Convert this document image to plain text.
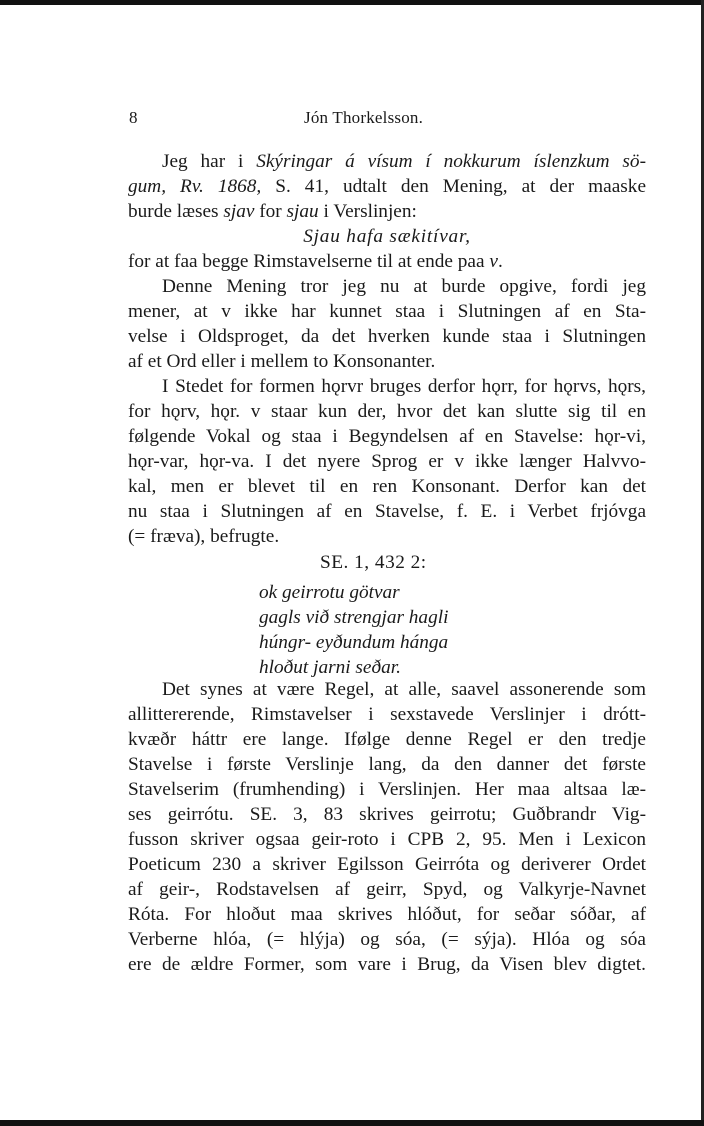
8	Jón Thorkelsson.

Jeg har i Skýringar á vísum í nokkurum íslenzkum sö-

gum, Rv. 1868, S. 41, udtalt den Mening, at der maaske

burde læses sjav for sjau i Verslinjen:

Sjau hafa sækitívar,

for at faa begge Rimstavelserne til at ende paa v.

Denne Mening tror jeg nu at burde opgive, fordi jeg

mener, at v ikke har kunnet staa i Slutningen af en Sta-

velse i Oldsproget, da det hverken kunde staa i Slutningen

af et Ord eller i mellem to Konsonanter.

I Stedet for formen hǫrvr bruges derfor hǫrr, for hǫrvs, hǫrs,

for hǫrv, hǫr. v staar kun der, hvor det kan slutte sig til en

følgende Vokal og staa i Begyndelsen af en Stavelse: hǫr-vi,

hǫr-var, hǫr-va. I det nyere Sprog er v ikke længer Halvvo-

kal, men er blevet til en ren Konsonant. Derfor kan det

nu staa i Slutningen af en Stavelse, f. E. i Verbet frjóvga

(= fræva), befrugte.

SE. 1, 432 2:
ok geirrotu götvar
gagls við strengjar hagli
húngr- eyðundum hánga
hloðut jarni seðar.

Det synes at være Regel, at alle, saavel assonerende som

allittererende, Rimstavelser i sexstavede Verslinjer i drótt-

kvæðr háttr ere lange. Ifølge denne Regel er den tredje

Stavelse i første Verslinje lang, da den danner det første

Stavelserim (frumhending) i Verslinjen. Her maa altsaa læ-

ses geirrótu. SE. 3, 83 skrives geirrotu; Guðbrandr Vig-

fusson skriver ogsaa geir-roto i CPB 2, 95. Men i Lexicon

Poeticum 230 a skriver Egilsson Geirróta og deriverer Ordet

af geir-, Rodstavelsen af geirr, Spyd, og Valkyrje-Navnet

Róta. For hloðut maa skrives hlóðut, for seðar sóðar, af

Verberne hlóa, (= hlýja) og sóa, (= sýja). Hlóa og sóa

ere de ældre Former, som vare i Brug, da Visen blev digtet.
